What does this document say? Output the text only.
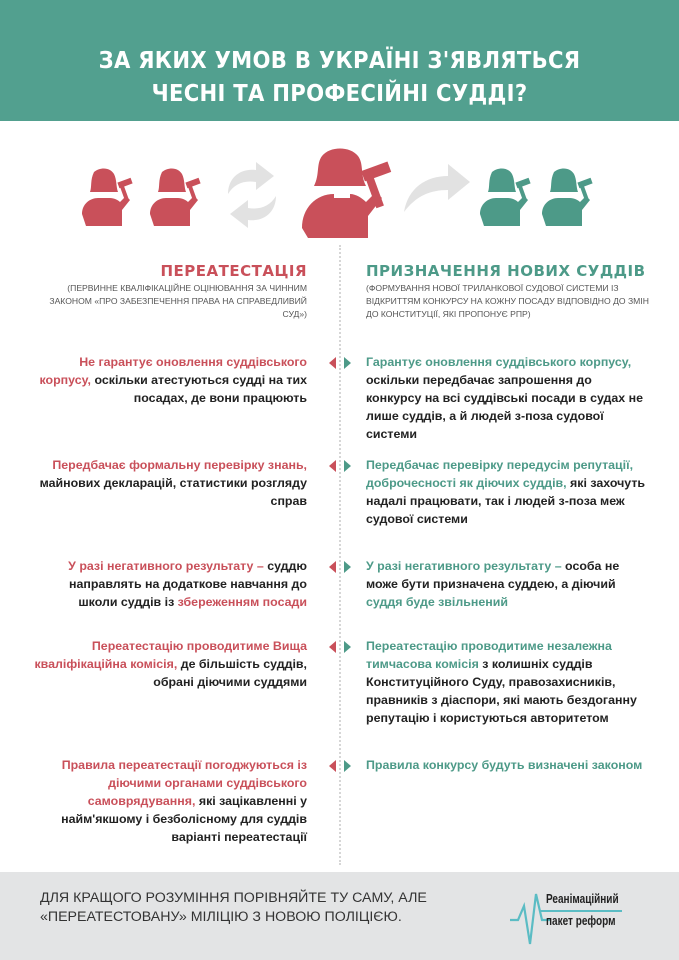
ЗА ЯКИХ УМОВ В УКРАЇНІ З'ЯВЛЯТЬСЯ
ЧЕСНІ ТА ПРОФЕСІЙНІ СУДДІ?
ПЕРЕАТЕСТАЦІЯ

(ПЕРВИННЕ КВАЛІФІКАЦІЙНЕ ОЦІНЮВАННЯ ЗА ЧИННИМ ЗАКОНОМ «ПРО ЗАБЕЗПЕЧЕННЯ ПРАВА НА СПРАВЕДЛИВИЙ СУД»)

ПРИЗНАЧЕННЯ НОВИХ СУДДІВ

(ФОРМУВАННЯ НОВОЇ ТРИЛАНКОВОЇ СУДОВОЇ СИСТЕМИ ІЗ ВІДКРИТТЯМ КОНКУРСУ НА КОЖНУ ПОСАДУ ВІДПОВІДНО ДО ЗМІН ДО КОНСТИТУЦІЇ, ЯКІ ПРОПОНУЄ РПР)

Не гарантує оновлення суддівського корпусу, оскільки атестуються судді на тих посадах, де вони працюють
Гарантує оновлення суддівського корпусу, оскільки передбачає запрошення до конкурсу на всі суддівські посади в судах не лише суддів, а й людей з-поза судової системи
Передбачає формальну перевірку знань, майнових декларацій, статистики розгляду справ
Передбачає перевірку передусім репутації, доброчесності як діючих суддів, які захочуть надалі працювати, так і людей з-поза меж судової системи
У разі негативного результату – суддю направлять на додаткове навчання до школи суддів із збереженням посади
У разі негативного результату – особа не може бути призначена суддею, а діючий суддя буде звільнений
Переатестацію проводитиме Вища кваліфікаційна комісія, де більшість суддів, обрані діючими суддями
Переатестацію проводитиме незалежна тимчасова комісія з колишніх суддів Конституційного Суду, правозахисників, правників з діаспори, які мають бездоганну репутацію і користуються авторитетом
Правила переатестації погоджуються із діючими органами суддівського самоврядування, які зацікавленні у найм'якшому і безболісному для суддів варіанті переатестації
Правила конкурсу будуть визначені законом
ДЛЯ КРАЩОГО РОЗУМІННЯ ПОРІВНЯЙТЕ ТУ САМУ, АЛЕ «ПЕРЕАТЕСТОВАНУ» МІЛІЦІЮ З НОВОЮ ПОЛІЦІЄЮ.
Реанімаційний
пакет реформ
